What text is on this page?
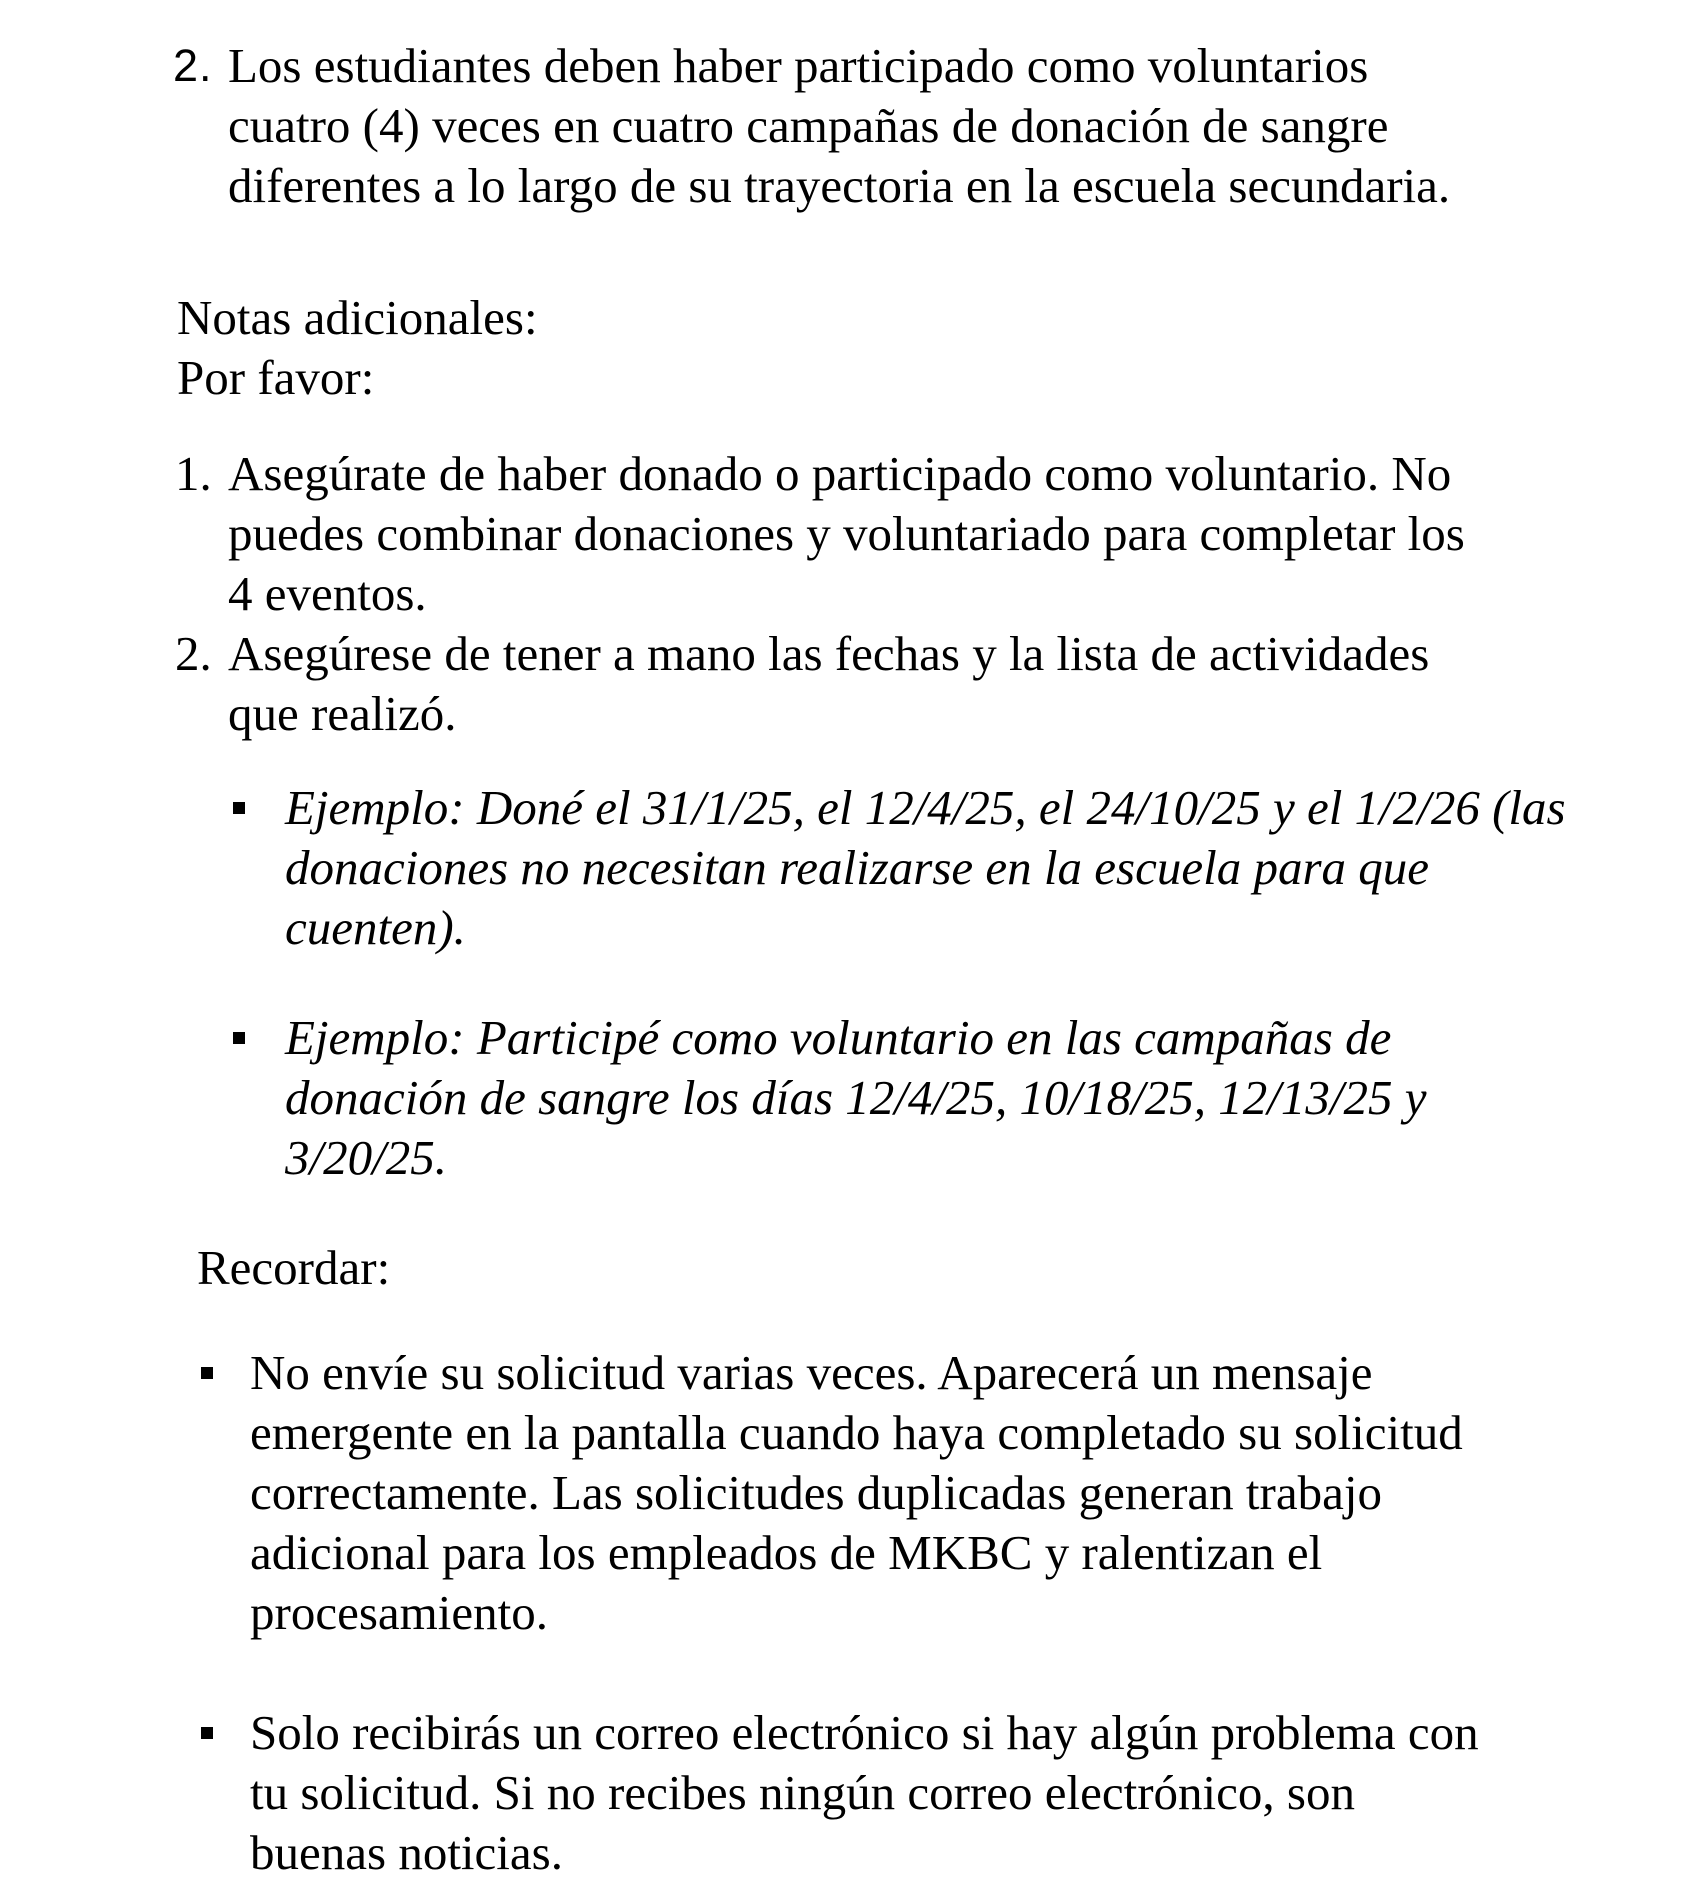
2. Los estudiantes deben haber participado como voluntarios
cuatro (4) veces en cuatro campañas de donación de sangre
diferentes a lo largo de su trayectoria en la escuela secundaria.
Notas adicionales:
Por favor:
1. Asegúrate de haber donado o participado como voluntario. No
puedes combinar donaciones y voluntariado para completar los
4 eventos.
2. Asegúrese de tener a mano las fechas y la lista de actividades
que realizó.
Ejemplo: Doné el 31/1/25, el 12/4/25, el 24/10/25 y el 1/2/26 (las
donaciones no necesitan realizarse en la escuela para que
cuenten).
Ejemplo: Participé como voluntario en las campañas de
donación de sangre los días 12/4/25, 10/18/25, 12/13/25 y
3/20/25.
Recordar:
No envíe su solicitud varias veces. Aparecerá un mensaje
emergente en la pantalla cuando haya completado su solicitud
correctamente. Las solicitudes duplicadas generan trabajo
adicional para los empleados de MKBC y ralentizan el
procesamiento.
Solo recibirás un correo electrónico si hay algún problema con
tu solicitud. Si no recibes ningún correo electrónico, son
buenas noticias.
